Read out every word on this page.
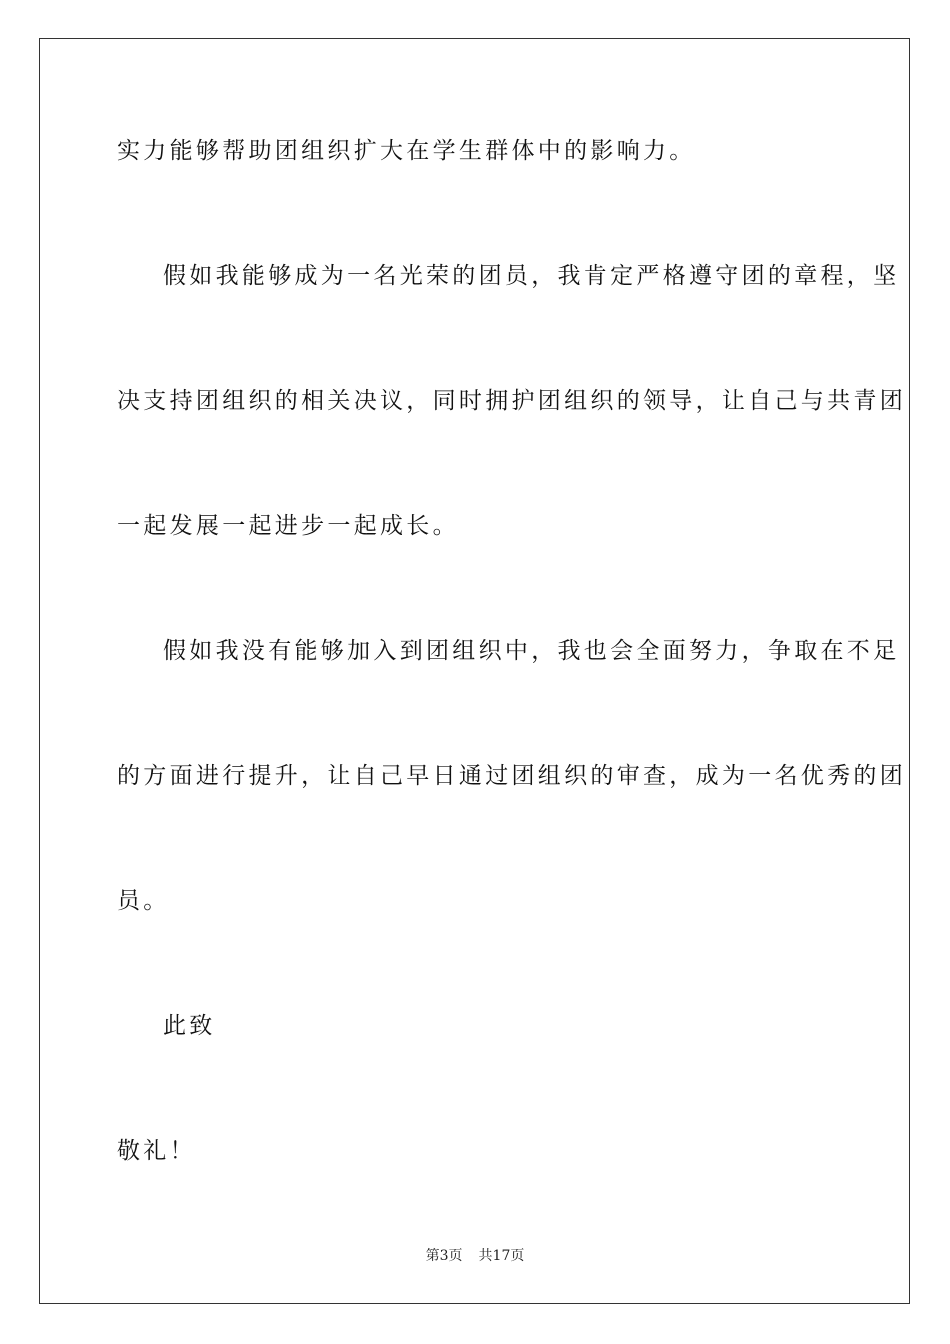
实力能够帮助团组织扩大在学生群体中的影响力。
假如我能够成为一名光荣的团员，我肯定严格遵守团的章程，坚
决支持团组织的相关决议，同时拥护团组织的领导，让自己与共青团
一起发展一起进步一起成长。
假如我没有能够加入到团组织中，我也会全面努力，争取在不足
的方面进行提升，让自己早日通过团组织的审查，成为一名优秀的团
员。
此致
敬礼！
第3页 共17页
